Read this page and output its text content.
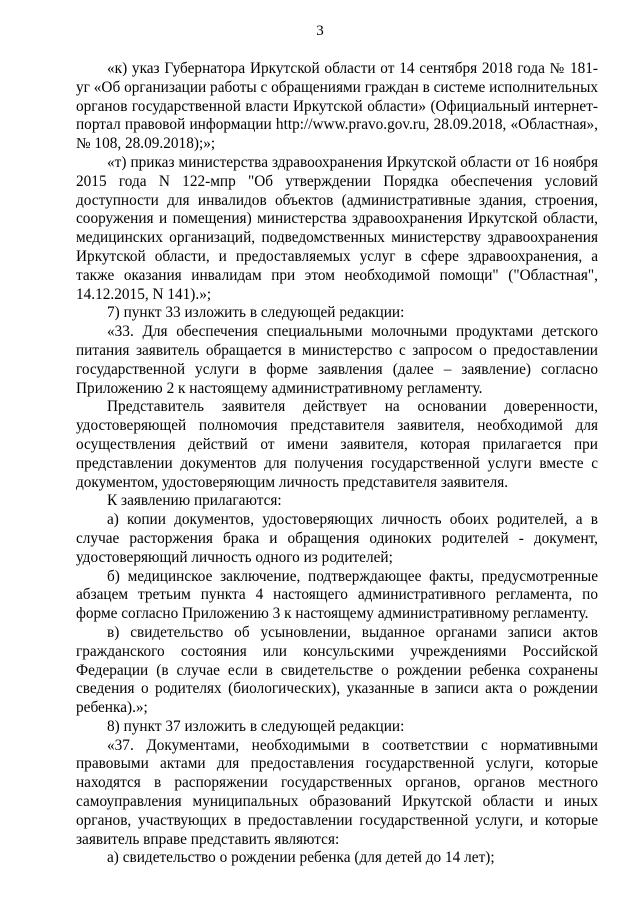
3

«к) указ Губернатора Иркутской области от 14 сентября 2018 года № 181-уг «Об организации работы с обращениями граждан в системе исполнительных органов государственной власти Иркутской области» (Официальный интернет-портал правовой информации http://www.pravo.gov.ru, 28.09.2018, «Областная», № 108, 28.09.2018);»;

«т) приказ министерства здравоохранения Иркутской области от 16 ноября 2015 года N 122-мпр "Об утверждении Порядка обеспечения условий доступности для инвалидов объектов (административные здания, строения, сооружения и помещения) министерства здравоохранения Иркутской области, медицинских организаций, подведомственных министерству здравоохранения Иркутской области, и предоставляемых услуг в сфере здравоохранения, а также оказания инвалидам при этом необходимой помощи" ("Областная", 14.12.2015, N 141).»;

7) пункт 33 изложить в следующей редакции:

«33. Для обеспечения специальными молочными продуктами детского питания заявитель обращается в министерство с запросом о предоставлении государственной услуги в форме заявления (далее – заявление) согласно Приложению 2 к настоящему административному регламенту.

Представитель заявителя действует на основании доверенности, удостоверяющей полномочия представителя заявителя, необходимой для осуществления действий от имени заявителя, которая прилагается при представлении документов для получения государственной услуги вместе с документом, удостоверяющим личность представителя заявителя.

К заявлению прилагаются:

а) копии документов, удостоверяющих личность обоих родителей, а в случае расторжения брака и обращения одиноких родителей - документ, удостоверяющий личность одного из родителей;

б) медицинское заключение, подтверждающее факты, предусмотренные абзацем третьим пункта 4 настоящего административного регламента, по форме согласно Приложению 3 к настоящему административному регламенту.

в) свидетельство об усыновлении, выданное органами записи актов гражданского состояния или консульскими учреждениями Российской Федерации (в случае если в свидетельстве о рождении ребенка сохранены сведения о родителях (биологических), указанные в записи акта о рождении ребенка).»;

8) пункт 37 изложить в следующей редакции:

«37. Документами, необходимыми в соответствии с нормативными правовыми актами для предоставления государственной услуги, которые находятся в распоряжении государственных органов, органов местного самоуправления муниципальных образований Иркутской области и иных органов, участвующих в предоставлении государственной услуги, и которые заявитель вправе представить являются:

а) свидетельство о рождении ребенка (для детей до 14 лет);
